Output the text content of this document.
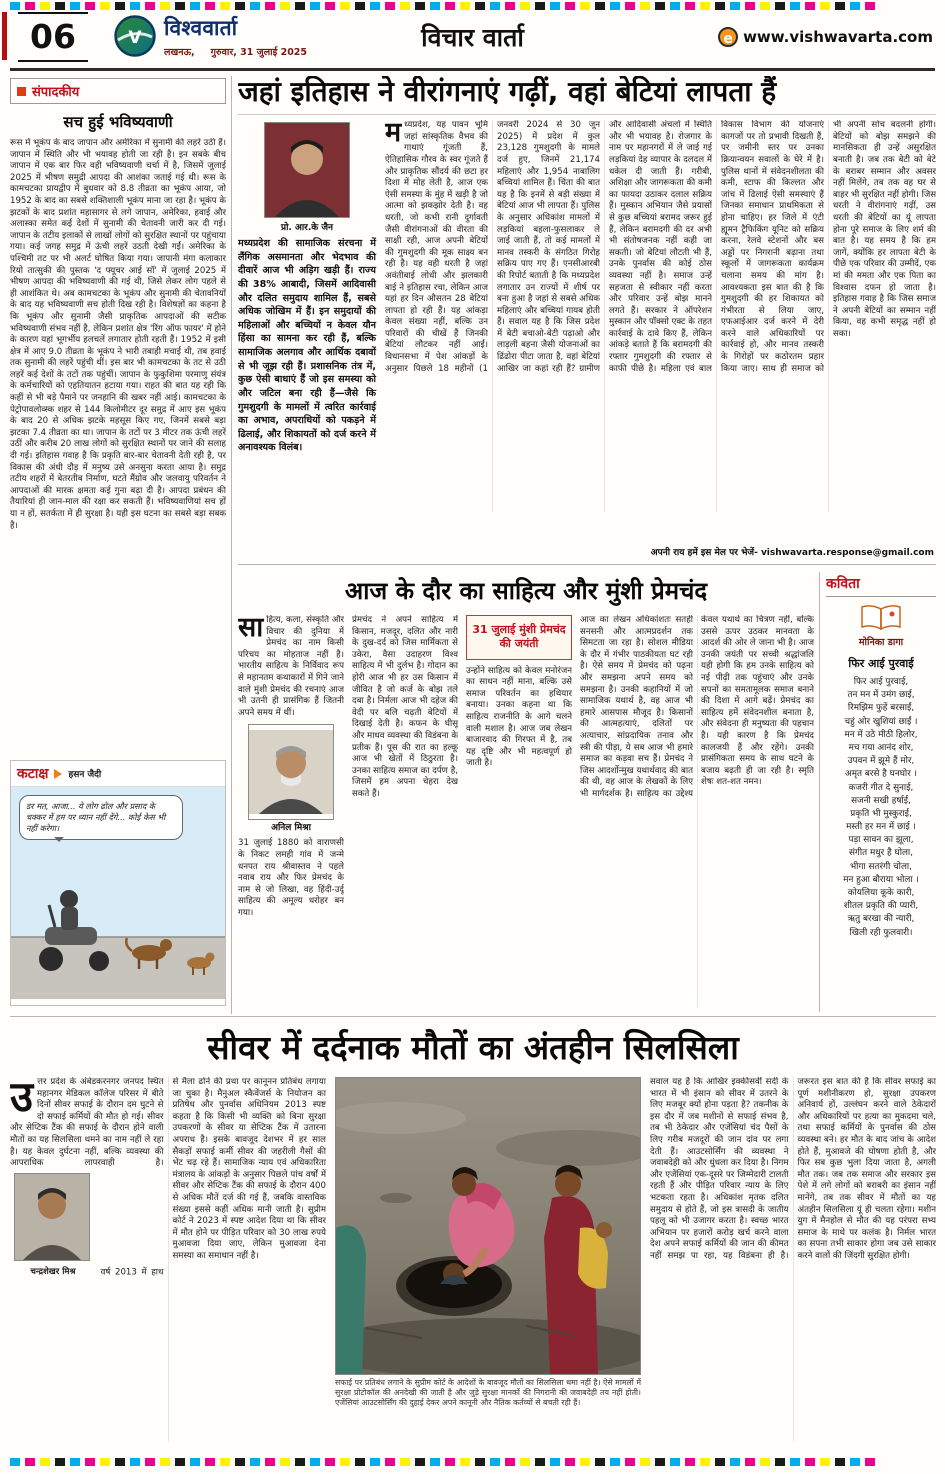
06	V विश्ववार्ता
लखनऊ, गुरुवार, 31 जुलाई 2025
विचार वार्ता	e www.vishwavarta.com
संपादकीय
सच हुई भविष्यवाणी
रूस में भूकंप के बाद जापान और अमेरिका में सुनामी की लहरें उठी हैं। जापान में स्थिति और भी भयावह होती जा रही है। इन सबके बीच जापान में एक बार फिर वही भविष्यवाणी चर्चा में है, जिसमें जुलाई 2025 में भीषण समुद्री आपदा की आशंका जताई गई थी। रूस के कामचटका प्रायद्वीप में बुधवार को 8.8 तीव्रता का भूकंप आया, जो 1952 के बाद का सबसे शक्तिशाली भूकंप माना जा रहा है। भूकंप के झटकों के बाद प्रशांत महासागर से लगे जापान, अमेरिका, हवाई और अलास्का समेत कई देशों में सुनामी की चेतावनी जारी कर दी गई। जापान के तटीय इलाकों से लाखों लोगों को सुरक्षित स्थानों पर पहुंचाया गया। कई जगह समुद्र में ऊंची लहरें उठती देखी गईं। अमेरिका के पश्चिमी तट पर भी अलर्ट घोषित किया गया। जापानी मंगा कलाकार रियो तात्सुकी की पुस्तक 'द फ्यूचर आई सॉ' में जुलाई 2025 में भीषण आपदा की भविष्यवाणी की गई थी, जिसे लेकर लोग पहले से ही आशंकित थे। अब कामचटका के भूकंप और सुनामी की चेतावनियों के बाद यह भविष्यवाणी सच होती दिख रही है। विशेषज्ञों का कहना है कि भूकंप और सुनामी जैसी प्राकृतिक आपदाओं की सटीक भविष्यवाणी संभव नहीं है, लेकिन प्रशांत क्षेत्र 'रिंग ऑफ फायर' में होने के कारण यहां भूगर्भीय हलचलें लगातार होती रहती हैं। 1952 में इसी क्षेत्र में आए 9.0 तीव्रता के भूकंप ने भारी तबाही मचाई थी, तब हवाई तक सुनामी की लहरें पहुंची थीं। इस बार भी कामचटका के तट से उठी लहरें कई देशों के तटों तक पहुंचीं। जापान के फुकुशिमा परमाणु संयंत्र के कर्मचारियों को एहतियातन हटाया गया। राहत की बात यह रही कि कहीं से भी बड़े पैमाने पर जनहानि की खबर नहीं आई। कामचटका के पेट्रोपावलोव्स्क शहर से 144 किलोमीटर दूर समुद्र में आए इस भूकंप के बाद 20 से अधिक झटके महसूस किए गए, जिनमें सबसे बड़ा झटका 7.4 तीव्रता का था। जापान के तटों पर 3 मीटर तक ऊंची लहरें उठीं और करीब 20 लाख लोगों को सुरक्षित स्थानों पर जाने की सलाह दी गई। इतिहास गवाह है कि प्रकृति बार-बार चेतावनी देती रही है, पर विकास की अंधी दौड़ में मनुष्य उसे अनसुना करता आया है। समुद्र तटीय शहरों में बेतरतीब निर्माण, घटते मैंग्रोव और जलवायु परिवर्तन ने आपदाओं की मारक क्षमता कई गुना बढ़ा दी है। आपदा प्रबंधन की तैयारियां ही जान-माल की रक्षा कर सकती हैं। भविष्यवाणियां सच हों या न हों, सतर्कता में ही सुरक्षा है। यही इस घटना का सबसे बड़ा सबक है।
कटाक्ष हसन जैदी
डर मत, आजा... ये लोग ढोल और प्रसाद के चक्कर में हम पर ध्यान नहीं देंगे... कोई केस भी नहीं करेगा।
जहां इतिहास ने वीरांगनाएं गढ़ीं, वहां बेटियां लापता हैं
प्रो. आर.के जैन

मध्यप्रदेश की सामाजिक संरचना में लैंगिक असमानता और भेदभाव की दीवारें आज भी अड़िग खड़ी हैं। राज्य की 38% आबादी, जिसमें आदिवासी और दलित समुदाय शामिल हैं, सबसे अधिक जोखिम में हैं। इन समुदायों की महिलाओं और बच्चियों न केवल यौन हिंसा का सामना कर रही हैं, बल्कि सामाजिक अलगाव और आर्थिक दबावों से भी जूझ रही हैं। प्रशासनिक तंत्र में, कुछ ऐसी बाधाएं हैं जो इस समस्या को और जटिल बना रही हैं—जैसे कि गुमशुदगी के मामलों में त्वरित कार्रवाई का अभाव, अपराधियों को पकड़ने में ढिलाई, और शिकायतों को दर्ज करने में अनावश्यक विलंब।

मध्यप्रदेश, यह पावन भूमि जहां सांस्कृतिक वैभव की गाथाएं गूंजती हैं, ऐतिहासिक गौरव के स्वर गूंजते हैं और प्राकृतिक सौंदर्य की छटा हर दिशा में मोह लेती है, आज एक ऐसी समस्या के मुंह में खड़ी है जो आत्मा को झकझोर देती है। वह धरती, जो कभी रानी दुर्गावती जैसी वीरांगनाओं की वीरता की साक्षी रही, आज अपनी बेटियों की गुमशुदगी की मूक साक्ष्य बन रही है। यह वही धरती है जहां अवंतीबाई लोधी और झलकारी बाई ने इतिहास रचा, लेकिन आज यहां हर दिन औसतन 28 बेटियां लापता हो रही हैं। यह आंकड़ा केवल संख्या नहीं, बल्कि उन परिवारों की चीखें हैं जिनकी बेटियां लौटकर नहीं आईं। विधानसभा में पेश आंकड़ों के अनुसार पिछले 18 महीनों (1 जनवरी 2024 से 30 जून 2025) में प्रदेश में कुल 23,128 गुमशुदगी के मामले दर्ज हुए, जिनमें 21,174 महिलाएं और 1,954 नाबालिग बच्चियां शामिल हैं। चिंता की बात यह है कि इनमें से बड़ी संख्या में बेटियां आज भी लापता हैं। पुलिस के अनुसार अधिकांश मामलों में लड़कियां बहला-फुसलाकर ले जाई जाती हैं, तो कई मामलों में मानव तस्करी के संगठित गिरोह सक्रिय पाए गए हैं। एनसीआरबी की रिपोर्ट बताती है कि मध्यप्रदेश लगातार उन राज्यों में शीर्ष पर बना हुआ है जहां से सबसे अधिक महिलाएं और बच्चियां गायब होती हैं। सवाल यह है कि जिस प्रदेश में बेटी बचाओ-बेटी पढ़ाओ और लाड़ली बहना जैसी योजनाओं का ढिंढोरा पीटा जाता है, वहां बेटियां आखिर जा कहां रही हैं? ग्रामीण और आदिवासी अंचलों में स्थिति और भी भयावह है। रोजगार के नाम पर महानगरों में ले जाई गई लड़कियां देह व्यापार के दलदल में धकेल दी जाती हैं। गरीबी, अशिक्षा और जागरूकता की कमी का फायदा उठाकर दलाल सक्रिय हैं। मुस्कान अभियान जैसे प्रयासों से कुछ बच्चियां बरामद जरूर हुई हैं, लेकिन बरामदगी की दर अभी भी संतोषजनक नहीं कही जा सकती। जो बेटियां लौटती भी हैं, उनके पुनर्वास की कोई ठोस व्यवस्था नहीं है। समाज उन्हें सहजता से स्वीकार नहीं करता और परिवार उन्हें बोझ मानने लगते हैं। सरकार ने ऑपरेशन मुस्कान और पॉक्सो एक्ट के तहत कार्रवाई के दावे किए हैं, लेकिन आंकड़े बताते हैं कि बरामदगी की रफ्तार गुमशुदगी की रफ्तार से काफी पीछे है। महिला एवं बाल विकास विभाग की योजनाएं कागजों पर तो प्रभावी दिखती हैं, पर जमीनी स्तर पर उनका क्रियान्वयन सवालों के घेरे में है। पुलिस थानों में संवेदनशीलता की कमी, स्टाफ की किल्लत और जांच में ढिलाई ऐसी समस्याएं हैं जिनका समाधान प्राथमिकता से होना चाहिए। हर जिले में एंटी ह्यूमन ट्रैफिकिंग यूनिट को सक्रिय करना, रेलवे स्टेशनों और बस अड्डों पर निगरानी बढ़ाना तथा स्कूलों में जागरूकता कार्यक्रम चलाना समय की मांग है। आवश्यकता इस बात की है कि गुमशुदगी की हर शिकायत को गंभीरता से लिया जाए, एफआईआर दर्ज करने में देरी करने वाले अधिकारियों पर कार्रवाई हो, और मानव तस्करी के गिरोहों पर कठोरतम प्रहार किया जाए। साथ ही समाज को भी अपनी सोच बदलनी होगी। बेटियों को बोझ समझने की मानसिकता ही उन्हें असुरक्षित बनाती है। जब तक बेटी को बेटे के बराबर सम्मान और अवसर नहीं मिलेंगे, तब तक वह घर से बाहर भी सुरक्षित नहीं होगी। जिस धरती ने वीरांगनाएं गढ़ीं, उस धरती की बेटियों का यूं लापता होना पूरे समाज के लिए शर्म की बात है। यह समय है कि हम जागें, क्योंकि हर लापता बेटी के पीछे एक परिवार की उम्मीदें, एक मां की ममता और एक पिता का विश्वास दफन हो जाता है। इतिहास गवाह है कि जिस समाज ने अपनी बेटियों का सम्मान नहीं किया, वह कभी समृद्ध नहीं हो सका।
अपनी राय हमें इस मेल पर भेजें- vishwavarta.response@gmail.com
आज के दौर का साहित्य और मुंशी प्रेमचंद
साहित्य, कला, संस्कृति और विचार की दुनिया में प्रेमचंद का नाम किसी परिचय का मोहताज नहीं है। भारतीय साहित्य के निर्विवाद रूप से महानतम कथाकारों में गिने जाने वाले मुंशी प्रेमचंद की रचनाएं आज भी उतनी ही प्रासंगिक हैं जितनी अपने समय में थीं।
अनिल मिश्रा
31 जुलाई 1880 को वाराणसी के निकट लमही गांव में जन्मे धनपत राय श्रीवास्तव ने पहले नवाब राय और फिर प्रेमचंद के नाम से जो लिखा, वह हिंदी-उर्दू साहित्य की अमूल्य धरोहर बन गया।
प्रेमचंद ने अपने साहित्य में किसान, मजदूर, दलित और नारी के दुख-दर्द को जिस मार्मिकता से उकेरा, वैसा उदाहरण विश्व साहित्य में भी दुर्लभ है। गोदान का होरी आज भी हर उस किसान में जीवित है जो कर्ज के बोझ तले दबा है। निर्मला आज भी दहेज की वेदी पर बलि चढ़ती बेटियों में दिखाई देती है। कफन के घीसू और माधव व्यवस्था की विडंबना के प्रतीक हैं। पूस की रात का हल्कू आज भी खेतों में ठिठुरता है। उनका साहित्य समाज का दर्पण है, जिसमें हम अपना चेहरा देख सकते हैं।
31 जुलाई मुंशी प्रेमचंद की जयंती
उन्होंने साहित्य को केवल मनोरंजन का साधन नहीं माना, बल्कि उसे समाज परिवर्तन का हथियार बनाया। उनका कहना था कि साहित्य राजनीति के आगे चलने वाली मशाल है। आज जब लेखन बाजारवाद की गिरफ्त में है, तब यह दृष्टि और भी महत्वपूर्ण हो जाती है।
आज का लेखन अधिकांशतः सतही सनसनी और आत्मप्रदर्शन तक सिमटता जा रहा है। सोशल मीडिया के दौर में गंभीर पाठकीयता घट रही है। ऐसे समय में प्रेमचंद को पढ़ना और समझना अपने समय को समझना है। उनकी कहानियों में जो सामाजिक यथार्थ है, वह आज भी हमारे आसपास मौजूद है। किसानों की आत्महत्याएं, दलितों पर अत्याचार, सांप्रदायिक तनाव और स्त्री की पीड़ा, ये सब आज भी हमारे समाज का कड़वा सच हैं। प्रेमचंद ने जिस आदर्शोन्मुख यथार्थवाद की बात की थी, वह आज के लेखकों के लिए भी मार्गदर्शक है। साहित्य का उद्देश्य केवल यथार्थ का चित्रण नहीं, बल्कि उससे ऊपर उठकर मानवता के आदर्श की ओर ले जाना भी है। आज उनकी जयंती पर सच्ची श्रद्धांजलि यही होगी कि हम उनके साहित्य को नई पीढ़ी तक पहुंचाएं और उनके सपनों का समतामूलक समाज बनाने की दिशा में आगे बढ़ें। प्रेमचंद का साहित्य हमें संवेदनशील बनाता है, और संवेदना ही मनुष्यता की पहचान है। यही कारण है कि प्रेमचंद कालजयी हैं और रहेंगे। उनकी प्रासंगिकता समय के साथ घटने के बजाय बढ़ती ही जा रही है। स्मृति शेषः शत-शत नमन।
कविता
मोनिका डागा
फिर आई पुरवाई
फिर आई पुरवाई,
तन मन में उमंग छाई,
रिमझिम फुहें बरसाईं,
चहुं ओर खुशियां छाईं ।
मन में उठे मीठी हिलोर,
मच गया आनंद शोर,
उपवन में झूमे हैं मोर,
अमृत बरसे है घनघोर ।
कजरी गीत दे सुनाई,
सजनी सखी हर्षाई,
प्रकृति भी मुस्कुराई,
मस्ती हर मन में छाई ।
पड़ा सावन का झूला,
संगीत मधुर है घोला,
भीगा सतरंगी चोला,
मन हुआ बौराया भोला ।
कोयलिया कूके कारी,
शीतल प्रकृति की प्यारी,
ऋतु बरखा की न्यारी,
खिली रही फुलवारी।
सीवर में दर्दनाक मौतों का अंतहीन सिलसिला
उत्तर प्रदेश के अंबेडकरनगर जनपद स्थित महानगर मेडिकल कॉलेज परिसर में बीते दिनों सीवर सफाई के दौरान दम घुटने से दो सफाई कर्मियों की मौत हो गई। सीवर और सेप्टिक टैंक की सफाई के दौरान होने वाली मौतों का यह सिलसिला थमने का नाम नहीं ले रहा है। यह केवल दुर्घटना नहीं, बल्कि व्यवस्था की आपराधिक लापरवाही है।
चन्द्रशेखर मिश्र	वर्ष 2013 में हाथ से मैला ढोने की प्रथा पर कानूनन प्रतिबंध लगाया जा चुका है। मैनुअल स्कैवेंजर्स के नियोजन का प्रतिषेध और पुनर्वास अधिनियम 2013 स्पष्ट कहता है कि किसी भी व्यक्ति को बिना सुरक्षा उपकरणों के सीवर या सेप्टिक टैंक में उतारना अपराध है। इसके बावजूद देशभर में हर साल सैकड़ों सफाई कर्मी सीवर की जहरीली गैसों की भेंट चढ़ रहे हैं। सामाजिक न्याय एवं अधिकारिता मंत्रालय के आंकड़ों के अनुसार पिछले पांच वर्षों में सीवर और सेप्टिक टैंक की सफाई के दौरान 400 से अधिक मौतें दर्ज की गई हैं, जबकि वास्तविक संख्या इससे कहीं अधिक मानी जाती है। सुप्रीम कोर्ट ने 2023 में स्पष्ट आदेश दिया था कि सीवर में मौत होने पर पीड़ित परिवार को 30 लाख रुपये मुआवजा दिया जाए, लेकिन मुआवजा देना समस्या का समाधान नहीं है।
सफाई पर प्रतिबंध लगाने के सुप्रीम कोर्ट के आदेशों के बावजूद मौतों का सिलसिला थमा नहीं है। ऐसे मामलों में सुरक्षा प्रोटोकॉल की अनदेखी की जाती है और जुड़े सुरक्षा मानकों की निगरानी की जवाबदेही तय नहीं होती। एजेंसियां आउटसोर्सिंग की दुहाई देकर अपने कानूनी और नैतिक कर्तव्यों से बचती रही हैं।
सवाल यह है कि आखिर इक्कीसवीं सदी के भारत में भी इंसान को सीवर में उतरने के लिए मजबूर क्यों होना पड़ता है? तकनीक के इस दौर में जब मशीनों से सफाई संभव है, तब भी ठेकेदार और एजेंसियां चंद पैसों के लिए गरीब मजदूरों की जान दांव पर लगा देती हैं। आउटसोर्सिंग की व्यवस्था ने जवाबदेही को और धुंधला कर दिया है। निगम और एजेंसियां एक-दूसरे पर जिम्मेदारी टालती रहती हैं और पीड़ित परिवार न्याय के लिए भटकता रहता है। अधिकांश मृतक दलित समुदाय से होते हैं, जो इस त्रासदी के जातीय पहलू को भी उजागर करता है। स्वच्छ भारत अभियान पर हजारों करोड़ खर्च करने वाला देश अपने सफाई कर्मियों की जान की कीमत नहीं समझ पा रहा, यह विडंबना ही है। जरूरत इस बात की है कि सीवर सफाई का पूर्ण मशीनीकरण हो, सुरक्षा उपकरण अनिवार्य हों, उल्लंघन करने वाले ठेकेदारों और अधिकारियों पर हत्या का मुकदमा चले, तथा सफाई कर्मियों के पुनर्वास की ठोस व्यवस्था बने। हर मौत के बाद जांच के आदेश होते हैं, मुआवजे की घोषणा होती है, और फिर सब कुछ भुला दिया जाता है, अगली मौत तक। जब तक समाज और सरकार इस पेशे में लगे लोगों को बराबरी का इंसान नहीं मानेंगे, तब तक सीवर में मौतों का यह अंतहीन सिलसिला यूं ही चलता रहेगा। मशीन युग में मैनहोल से मौत की यह परंपरा सभ्य समाज के माथे पर कलंक है। निर्मल भारत का सपना तभी साकार होगा जब उसे साकार करने वालों की जिंदगी सुरक्षित होगी।
